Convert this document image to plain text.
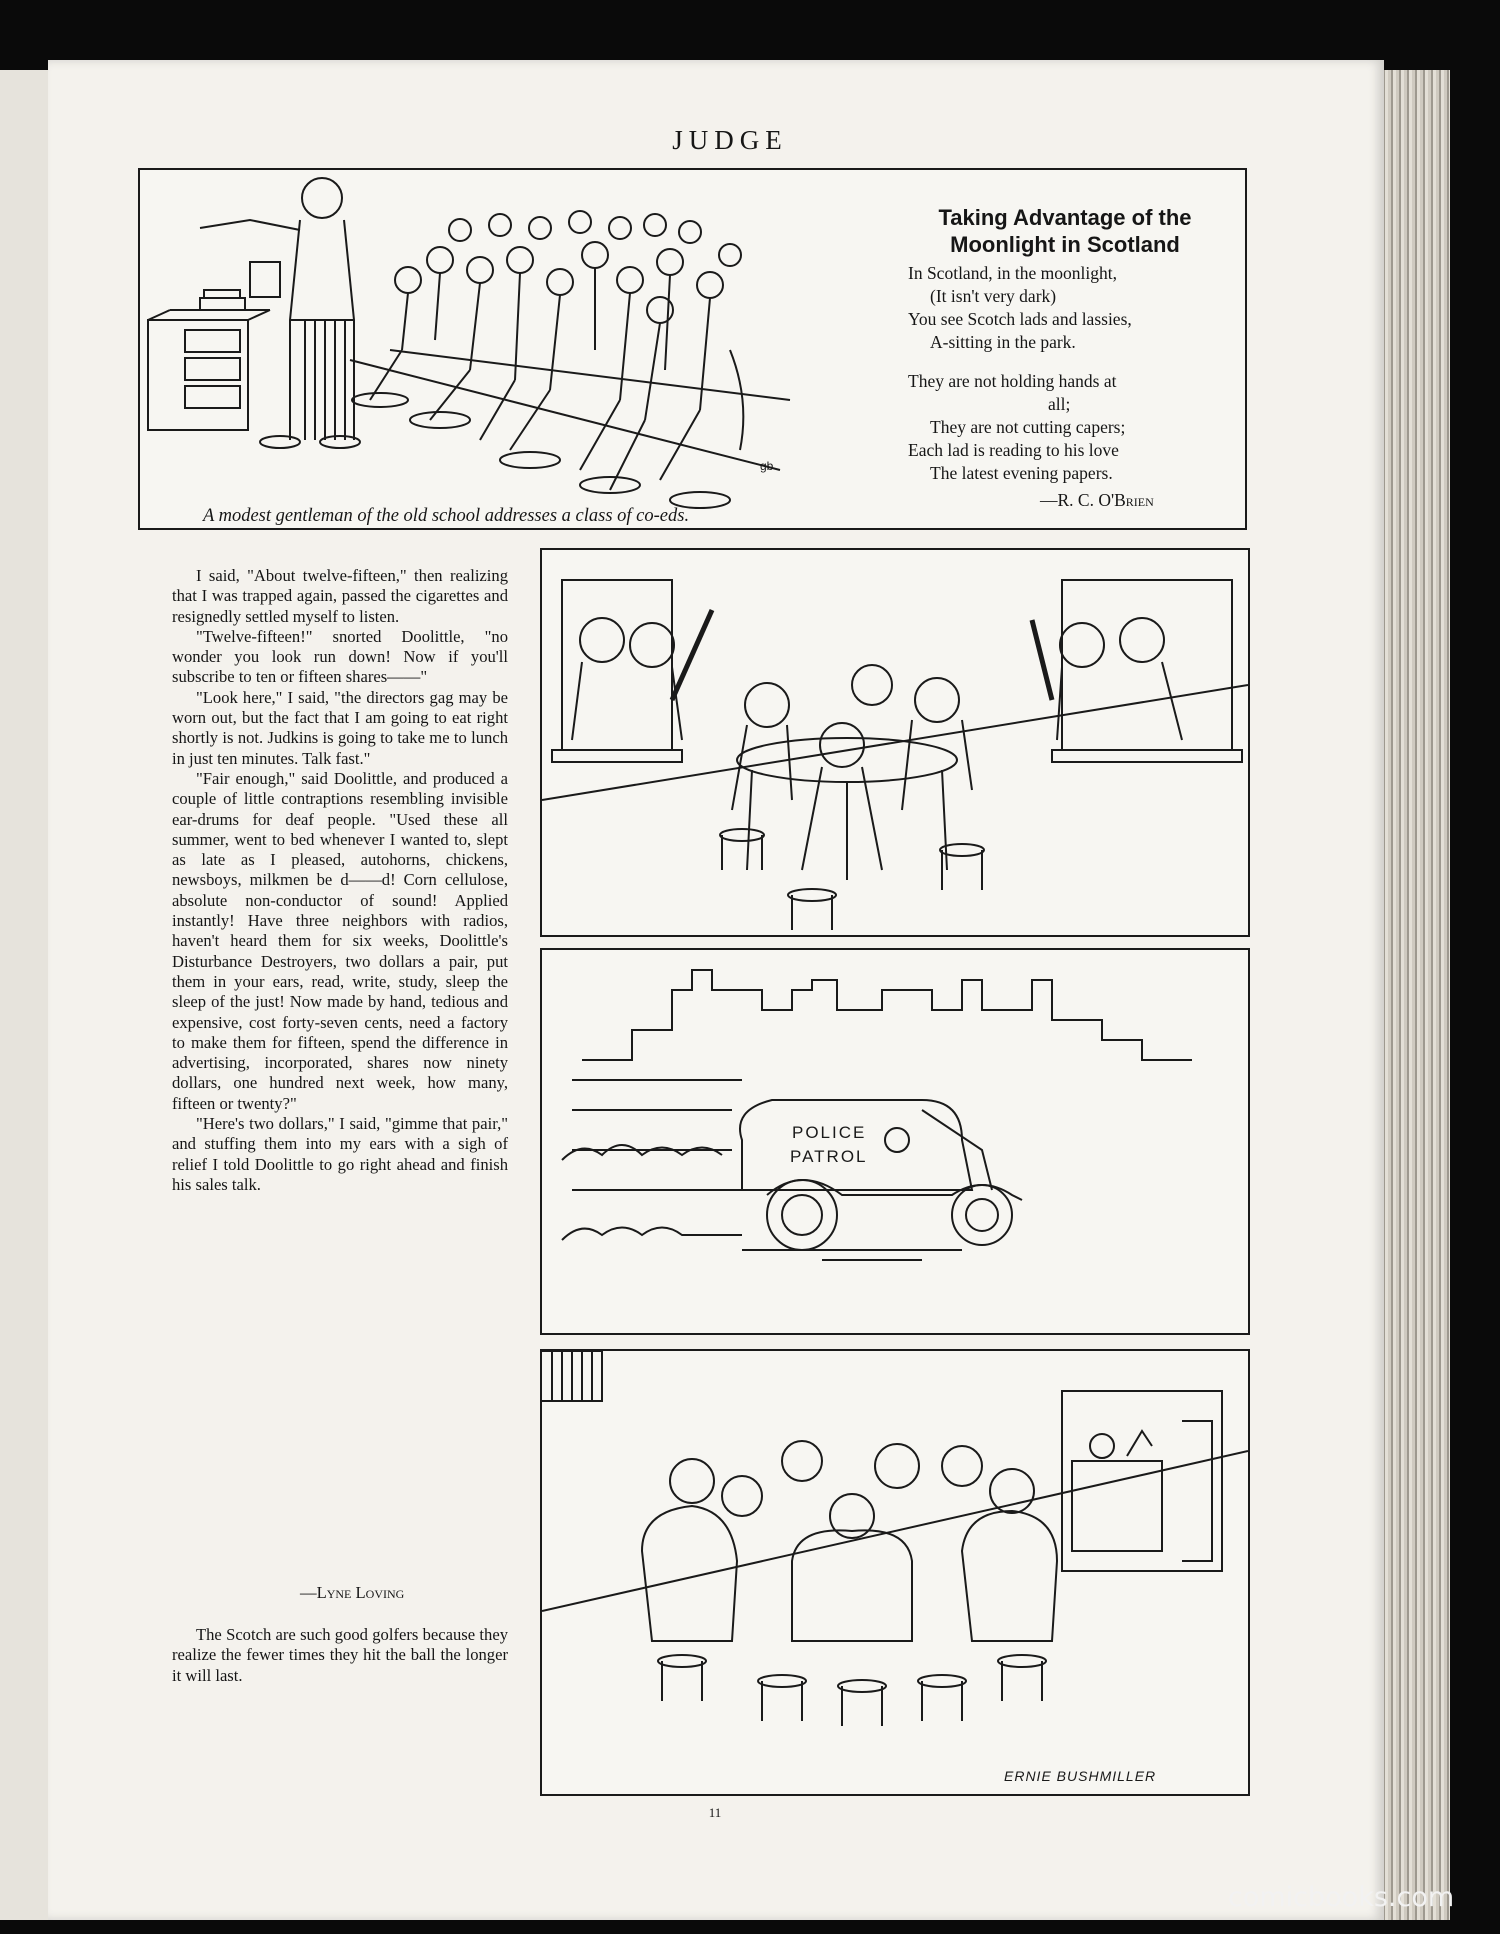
JUDGE
gb
Taking Advantage of the
Moonlight in Scotland
In Scotland, in the moonlight,
(It isn't very dark)
You see Scotch lads and lassies,
A-sitting in the park.
They are not holding hands at
all;
They are not cutting capers;
Each lad is reading to his love
The latest evening papers.
—R. C. O'Brien
A modest gentleman of the old school addresses a class of co-eds.

I said, "About twelve-fifteen," then realizing that I was trapped again, passed the cigarettes and resignedly settled myself to listen.

"Twelve-fifteen!" snorted Doolittle, "no wonder you look run down! Now if you'll subscribe to ten or fifteen shares——"

"Look here," I said, "the directors gag may be worn out, but the fact that I am going to eat right shortly is not. Judkins is going to take me to lunch in just ten minutes. Talk fast."

"Fair enough," said Doolittle, and produced a couple of little contraptions resembling invisible ear-drums for deaf people. "Used these all summer, went to bed whenever I wanted to, slept as late as I pleased, autohorns, chickens, newsboys, milkmen be d——d! Corn cellulose, absolute non-conductor of sound! Applied instantly! Have three neighbors with radios, haven't heard them for six weeks, Doolittle's Disturbance Destroyers, two dollars a pair, put them in your ears, read, write, study, sleep the sleep of the just! Now made by hand, tedious and expensive, cost forty-seven cents, need a factory to make them for fifteen, spend the difference in advertising, incorporated, shares now ninety dollars, one hundred next week, how many, fifteen or twenty?"

"Here's two dollars," I said, "gimme that pair," and stuffing them into my ears with a sigh of relief I told Doolittle to go right ahead and finish his sales talk.

—Lyne Loving

The Scotch are such good golfers because they realize the fewer times they hit the ball the longer it will last.

POLICE
PATROL
ERNIE BUSHMILLER
11
comicbooks.com
